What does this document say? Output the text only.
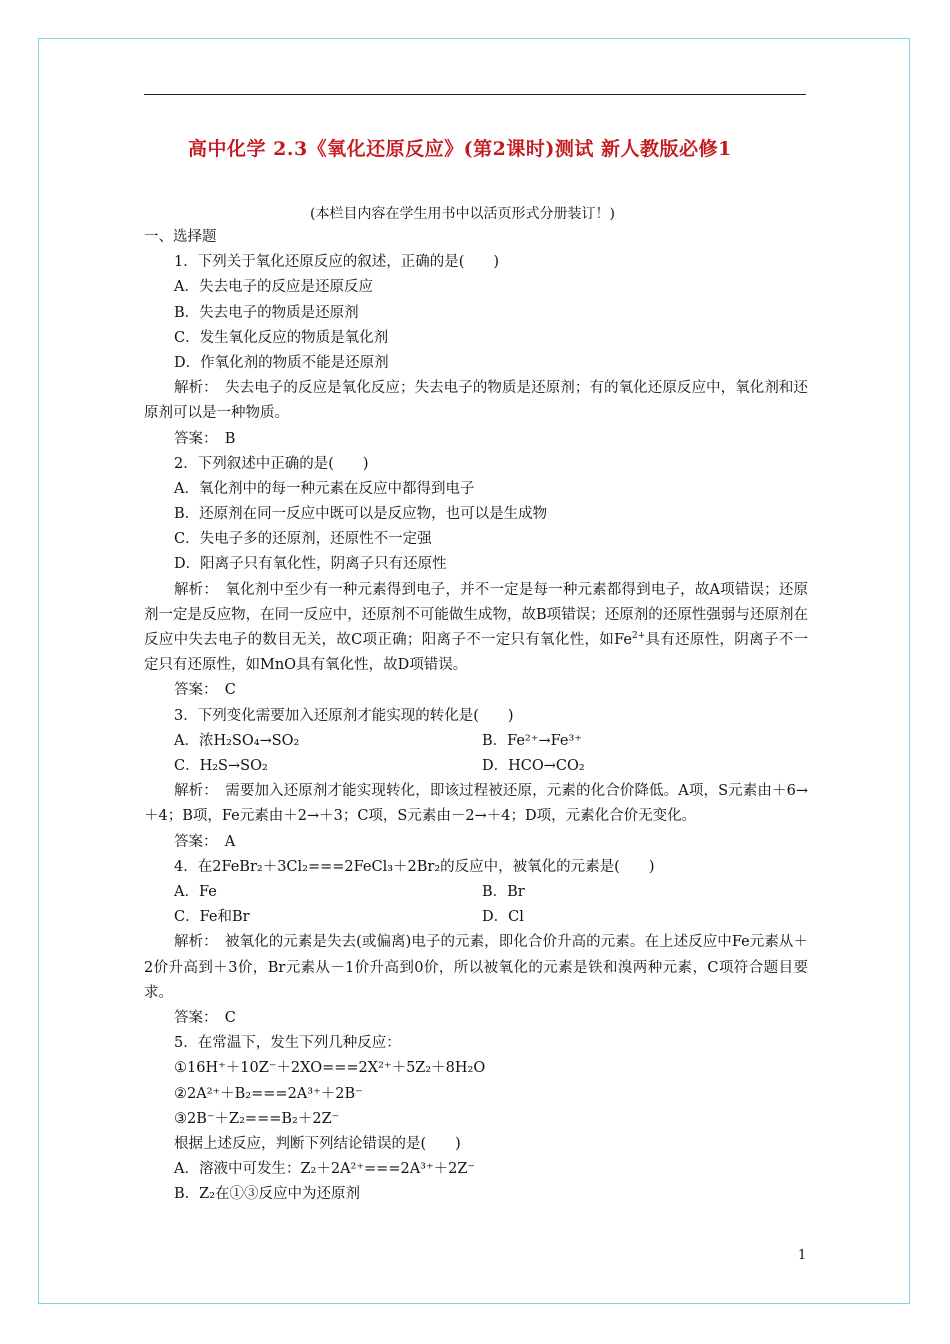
高中化学 2.3《氧化还原反应》(第2课时)测试 新人教版必修1
(本栏目内容在学生用书中以活页形式分册装订！)
一、选择题
1．下列关于氧化还原反应的叙述，正确的是(　　)
A．失去电子的反应是还原反应
B．失去电子的物质是还原剂
C．发生氧化反应的物质是氧化剂
D．作氧化剂的物质不能是还原剂
解析：　失去电子的反应是氧化反应；失去电子的物质是还原剂；有的氧化还原反应中，氧化剂和还原剂可以是一种物质。
答案：　B
2．下列叙述中正确的是(　　)
A．氧化剂中的每一种元素在反应中都得到电子
B．还原剂在同一反应中既可以是反应物，也可以是生成物
C．失电子多的还原剂，还原性不一定强
D．阳离子只有氧化性，阴离子只有还原性
解析：　氧化剂中至少有一种元素得到电子，并不一定是每一种元素都得到电子，故A项错误；还原剂一定是反应物，在同一反应中，还原剂不可能做生成物，故B项错误；还原剂的还原性强弱与还原剂在反应中失去电子的数目无关，故C项正确；阳离子不一定只有氧化性，如$Fe^{2+}$具有还原性，阴离子不一定只有还原性，如MnO具有氧化性，故D项错误。
答案：　C
3．下列变化需要加入还原剂才能实现的转化是(　　)
A．浓H₂SO₄→SO₂	B．Fe²⁺→Fe³⁺
C．H₂S→SO₂	D．HCO→CO₂
解析：　需要加入还原剂才能实现转化，即该过程被还原，元素的化合价降低。A项，S元素由＋6→＋4；B项，Fe元素由＋2→＋3；C项，S元素由－2→＋4；D项，元素化合价无变化。
答案：　A
4．在2FeBr₂＋3Cl₂===2FeCl₃＋2Br₂的反应中，被氧化的元素是(　　)
A．Fe	B．Br
C．Fe和Br	D．Cl
解析：　被氧化的元素是失去(或偏离)电子的元素，即化合价升高的元素。在上述反应中Fe元素从＋2价升高到＋3价，Br元素从－1价升高到0价，所以被氧化的元素是铁和溴两种元素，C项符合题目要求。
答案：　C
5．在常温下，发生下列几种反应：
①16H⁺＋10Z⁻＋2XO===2X²⁺＋5Z₂＋8H₂O
②2A²⁺＋B₂===2A³⁺＋2B⁻
③2B⁻＋Z₂===B₂＋2Z⁻
根据上述反应，判断下列结论错误的是(　　)
A．溶液中可发生：Z₂＋2A²⁺===2A³⁺＋2Z⁻
B．Z₂在①③反应中为还原剂
1
